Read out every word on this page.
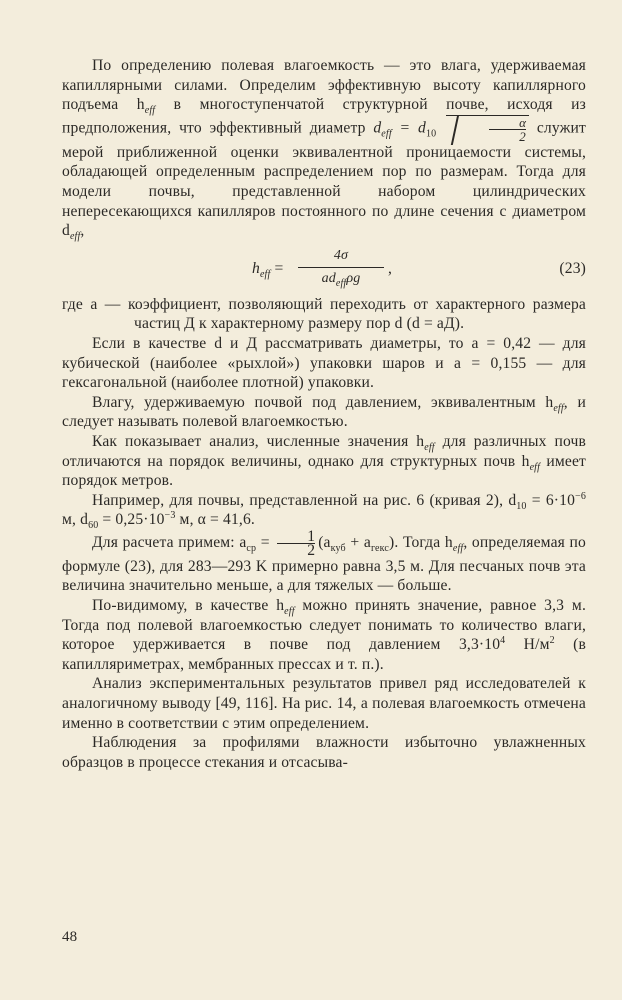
По определению полевая влагоемкость — это влага, удерживаемая капиллярными силами. Определим эффективную высоту капиллярного подъема $h_{eff}$ в многоступенчатой структурной почве, исходя из предположения, что эффективный диаметр $d_{eff} = d_{10}$	$\frac{\alpha}{2}$ служит мерой приближенной оценки эквивалентной проницаемости системы, обладающей определенным распределением пор по размерам. Тогда для модели почвы, представленной набором цилиндрических непересекающихся капилляров постоянного по длине сечения с диаметром $d_{eff}$,

$h_{eff}$ =
4σ
$ad_{eff}\rho g$
,	(23)

где a — коэффициент, позволяющий переходить от характерного размера частиц Д к характерному размеру пор d (d = aД).

Если в качестве d и Д рассматривать диаметры, то a = 0,42 — для кубической (наиболее «рыхлой») упаковки шаров и a = 0,155 — для гексагональной (наиболее плотной) упаковки.

Влагу, удерживаемую почвой под давлением, эквивалентным $h_{eff}$, и следует называть полевой влагоемкостью.

Как показывает анализ, численные значения $h_{eff}$ для различных почв отличаются на порядок величины, однако для структурных почв $h_{eff}$ имеет порядок метров.

Например, для почвы, представленной на рис. 6 (кривая 2), $d_{10} = 6\cdot 10^{-6}$ м, $d_{60} = 0,25\cdot 10^{-3}$ м, α = 41,6.

Для расчета примем: $a_{ср} = \frac{1}{2} (a_{куб} + a_{гекс})$. Тогда $h_{eff}$, определяемая по формуле (23), для 283—293 K примерно равна 3,5 м. Для песчаных почв эта величина значительно меньше, а для тяжелых — больше.

По-видимому, в качестве $h_{eff}$ можно принять значение, равное 3,3 м. Тогда под полевой влагоемкостью следует понимать то количество влаги, которое удерживается в почве под давлением $3,3\cdot 10^4$ $Н/м^2$ (в капилляриметрах, мембранных прессах и т. п.).

Анализ экспериментальных результатов привел ряд исследователей к аналогичному выводу [49, 116]. На рис. 14, a полевая влагоемкость отмечена именно в соответствии с этим определением.

Наблюдения за профилями влажности избыточно увлажненных образцов в процессе стекания и отсасыва-

48
